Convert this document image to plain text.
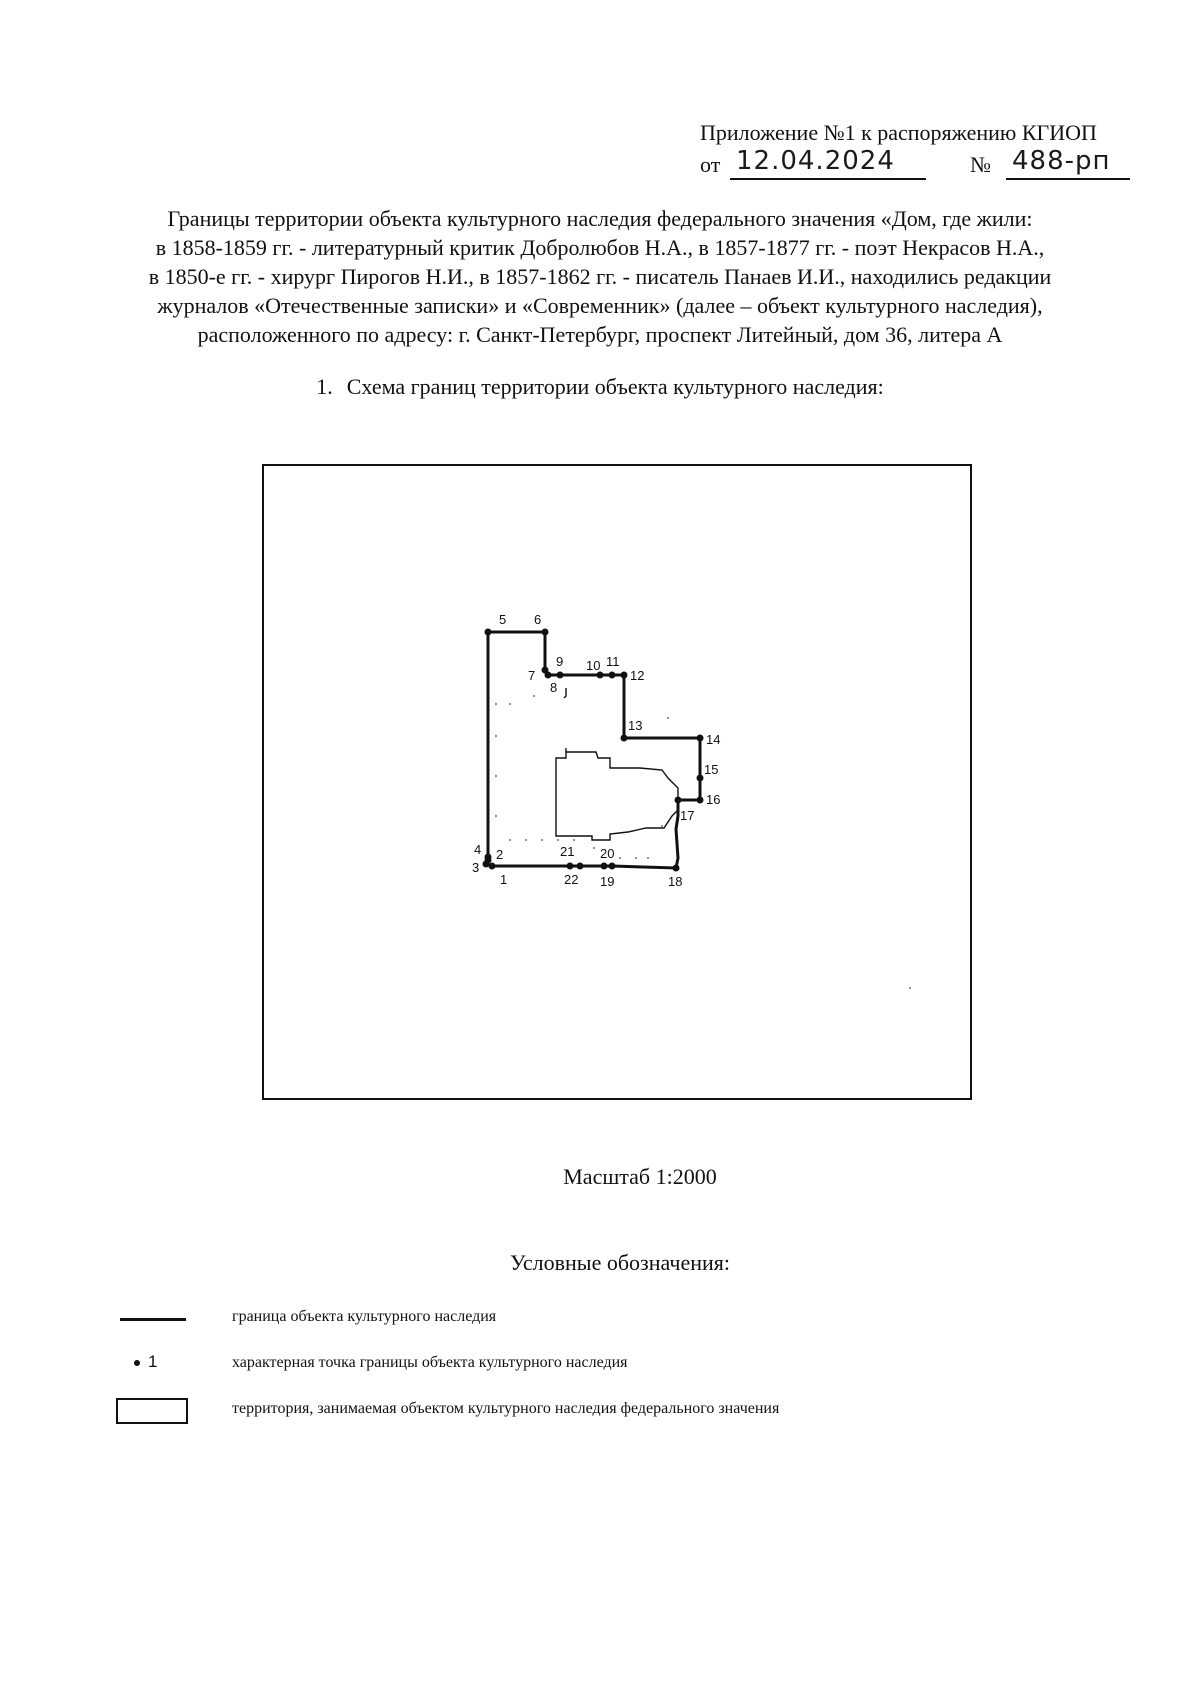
Приложение №1 к распоряжению КГИОП
от 12.04.2024	№ 488-рп
Границы территории объекта культурного наследия федерального значения «Дом, где жили:
в 1858-1859 гг. - литературный критик Добролюбов Н.А., в 1857-1877 гг. - поэт Некрасов Н.А.,
в 1850-е гг. - хирург Пирогов Н.И., в 1857-1862 гг. - писатель Панаев И.И., находились редакции
журналов «Отечественные записки» и «Современник» (далее – объект культурного наследия),
расположенного по адресу: г. Санкт-Петербург, проспект Литейный, дом 36, литера А
1. Схема границ территории объекта культурного наследия:
1
2
3
4
5 6
7
8
9 10 11
12
13
14
15
16
17
18
19
20
21
22
Масштаб 1:2000
Условные обозначения:
граница объекта культурного наследия
1	характерная точка границы объекта культурного наследия
территория, занимаемая объектом культурного наследия федерального значения
